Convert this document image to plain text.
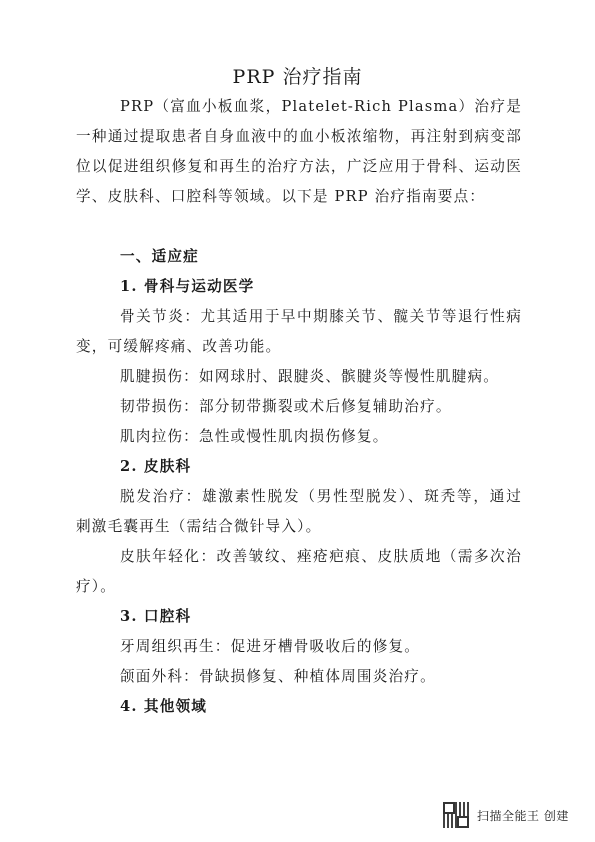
PRP 治疗指南

PRP（富血小板血浆，Platelet-Rich Plasma）治疗是一种通过提取患者自身血液中的血小板浓缩物，再注射到病变部位以促进组织修复和再生的治疗方法，广泛应用于骨科、运动医学、皮肤科、口腔科等领域。以下是 PRP 治疗指南要点：

一、适应症

1. 骨科与运动医学

骨关节炎：尤其适用于早中期膝关节、髋关节等退行性病变，可缓解疼痛、改善功能。

肌腱损伤：如网球肘、跟腱炎、髌腱炎等慢性肌腱病。

韧带损伤：部分韧带撕裂或术后修复辅助治疗。

肌肉拉伤：急性或慢性肌肉损伤修复。

2. 皮肤科

脱发治疗：雄激素性脱发（男性型脱发）、斑秃等，通过刺激毛囊再生（需结合微针导入）。

皮肤年轻化：改善皱纹、痤疮疤痕、皮肤质地（需多次治疗）。

3. 口腔科

牙周组织再生：促进牙槽骨吸收后的修复。

颌面外科：骨缺损修复、种植体周围炎治疗。

4. 其他领域

扫描全能王 创建
